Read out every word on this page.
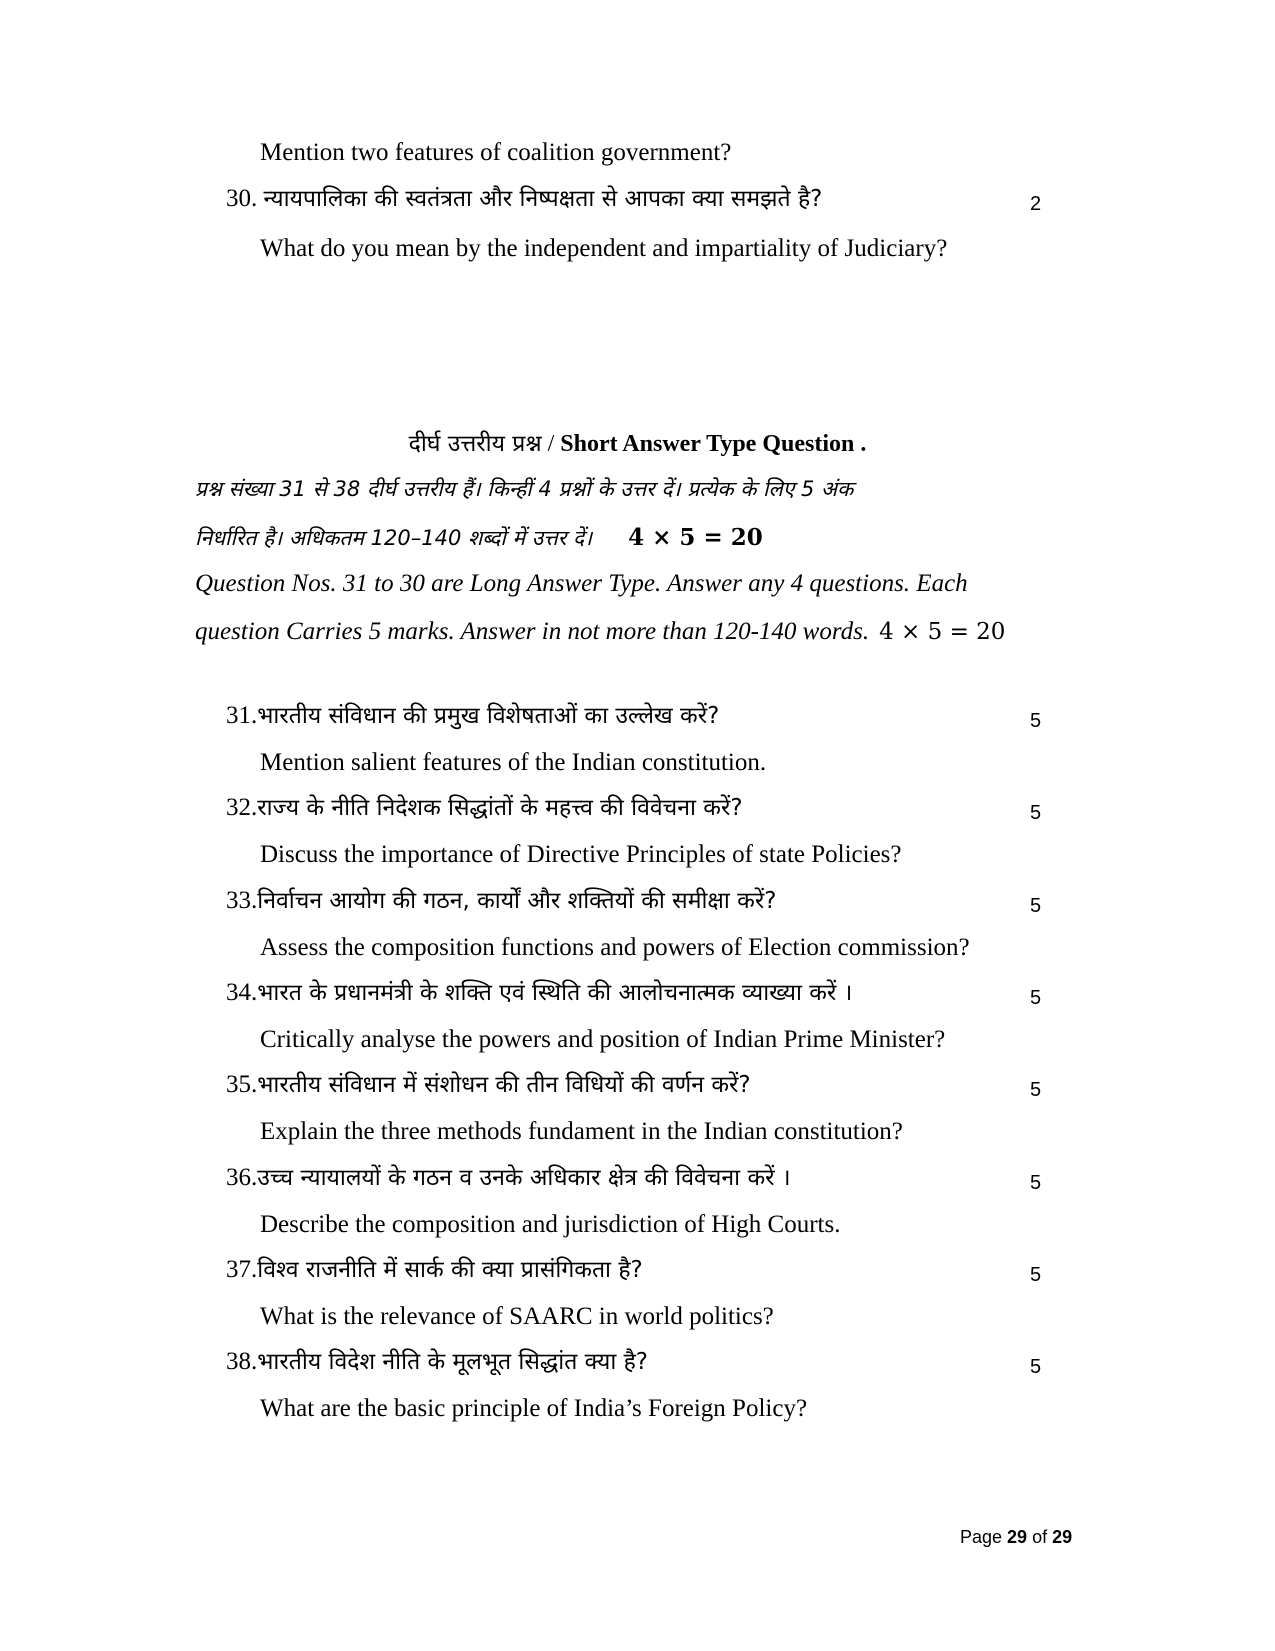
Mention two features of coalition government?
30. न्यायपालिका की स्वतंत्रता और निष्पक्षता से आपका क्या समझते है?	2
What do you mean by the independent and impartiality of Judiciary?
दीर्घ उत्तरीय प्रश्न / Short Answer Type Question .
प्रश्न संख्या 31 से 38 दीर्घ उत्तरीय हैं। किन्हीं 4 प्रश्नों के उत्तर दें। प्रत्येक के लिए 5 अंक
निर्धारित है। अधिकतम 120–140 शब्दों में उत्तर दें। 4 × 5 = 20
Question Nos. 31 to 30 are Long Answer Type. Answer any 4 questions. Each
question Carries 5 marks. Answer in not more than 120-140 words. 4 × 5 = 20
31.भारतीय संविधान की प्रमुख विशेषताओं का उल्लेख करें?	5
Mention salient features of the Indian constitution.
32.राज्य के नीति निदेशक सिद्धांतों के महत्त्व की विवेचना करें?	5
Discuss the importance of Directive Principles of state Policies?
33.निर्वाचन आयोग की गठन, कार्यों और शक्तियों की समीक्षा करें?	5
Assess the composition functions and powers of Election commission?
34.भारत के प्रधानमंत्री के शक्ति एवं स्थिति की आलोचनात्मक व्याख्या करें ।	5
Critically analyse the powers and position of Indian Prime Minister?
35.भारतीय संविधान में संशोधन की तीन विधियों की वर्णन करें?	5
Explain the three methods fundament in the Indian constitution?
36.उच्च न्यायालयों के गठन व उनके अधिकार क्षेत्र की विवेचना करें ।	5
Describe the composition and jurisdiction of High Courts.
37.विश्व राजनीति में सार्क की क्या प्रासंगिकता है?	5
What is the relevance of SAARC in world politics?
38.भारतीय विदेश नीति के मूलभूत सिद्धांत क्या है?	5
What are the basic principle of India’s Foreign Policy?
Page 29 of 29
